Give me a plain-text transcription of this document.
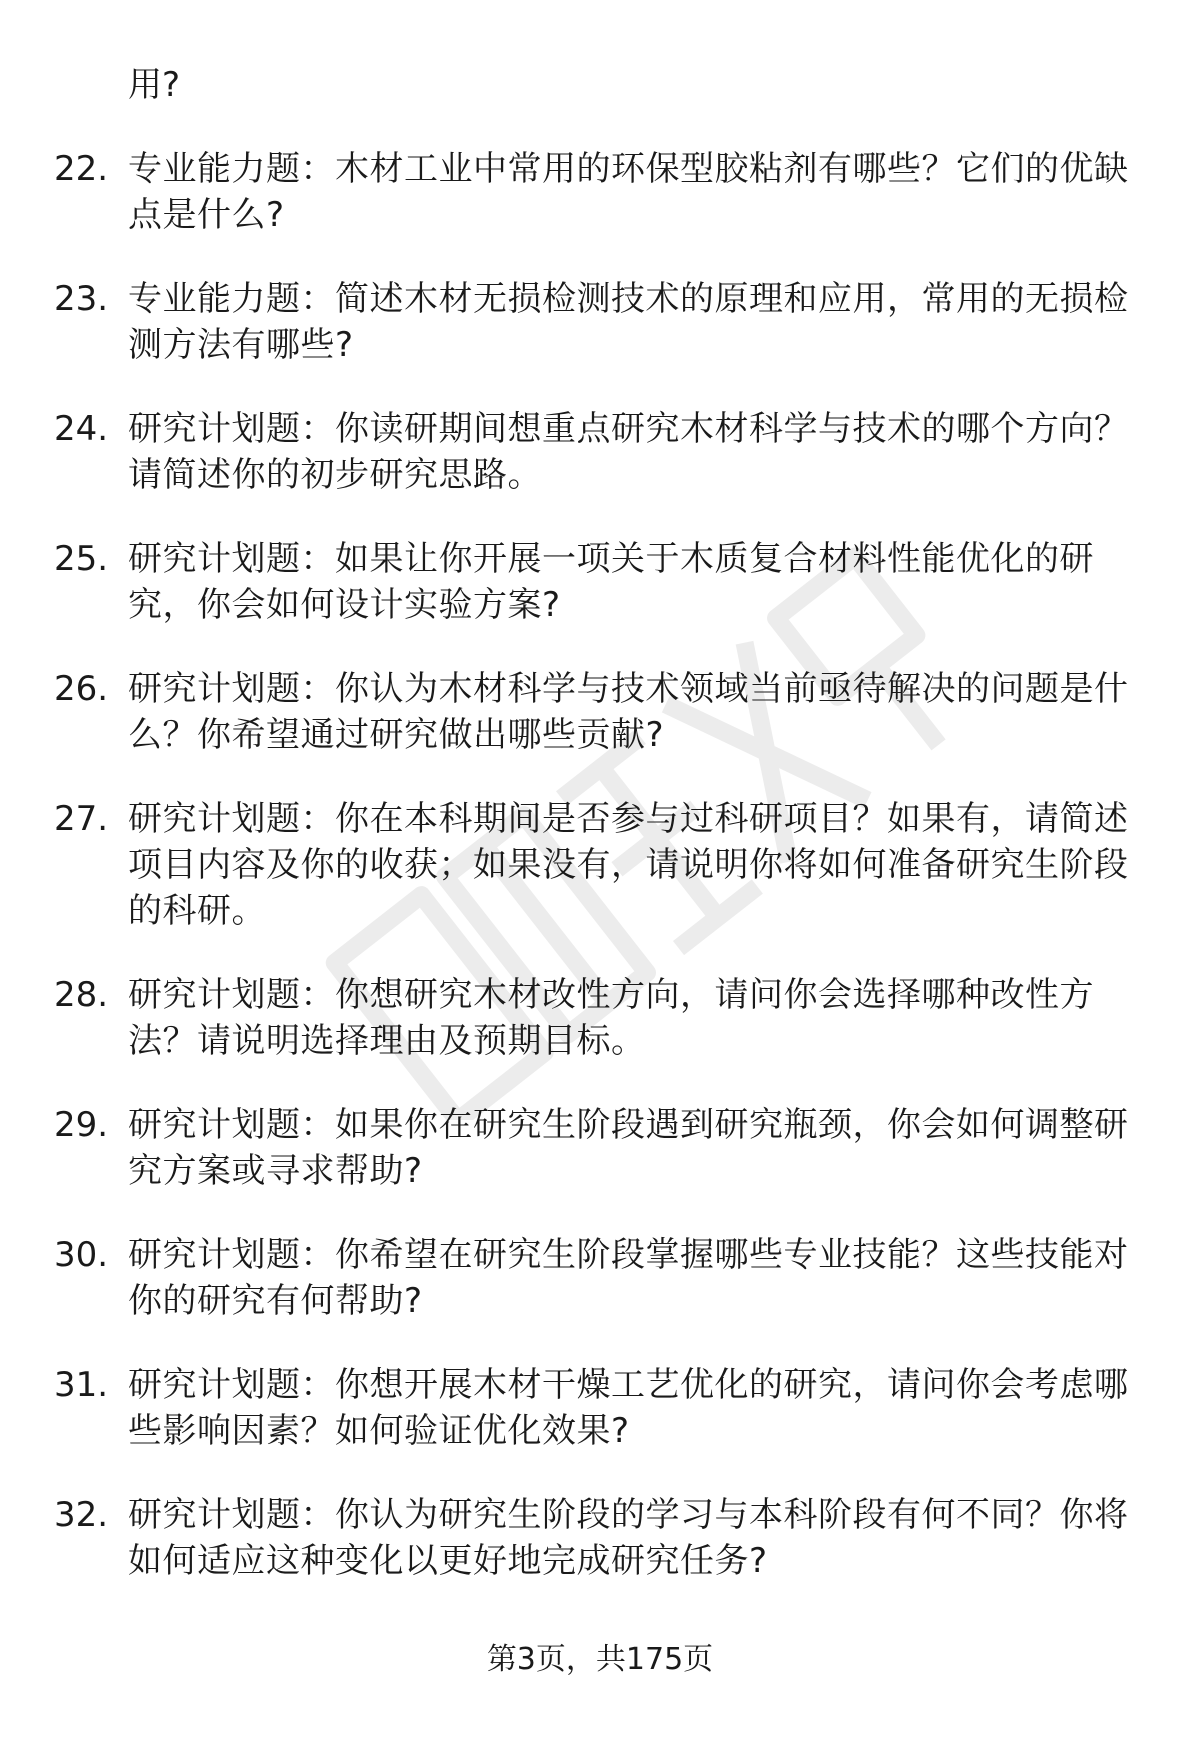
用?

22. 专业能力题：木材工业中常用的环保型胶粘剂有哪些？它们的优缺点是什么?
23. 专业能力题：简述木材无损检测技术的原理和应用，常用的无损检测方法有哪些?
24. 研究计划题：你读研期间想重点研究木材科学与技术的哪个方向？请简述你的初步研究思路。
25. 研究计划题：如果让你开展一项关于木质复合材料性能优化的研究，你会如何设计实验方案?
26. 研究计划题：你认为木材科学与技术领域当前亟待解决的问题是什么？你希望通过研究做出哪些贡献?
27. 研究计划题：你在本科期间是否参与过科研项目？如果有，请简述项目内容及你的收获；如果没有，请说明你将如何准备研究生阶段的科研。
28. 研究计划题：你想研究木材改性方向，请问你会选择哪种改性方法？请说明选择理由及预期目标。
29. 研究计划题：如果你在研究生阶段遇到研究瓶颈，你会如何调整研究方案或寻求帮助?
30. 研究计划题：你希望在研究生阶段掌握哪些专业技能？这些技能对你的研究有何帮助?
31. 研究计划题：你想开展木材干燥工艺优化的研究，请问你会考虑哪些影响因素？如何验证优化效果?
32. 研究计划题：你认为研究生阶段的学习与本科阶段有何不同？你将如何适应这种变化以更好地完成研究任务?
第3页，共175页
